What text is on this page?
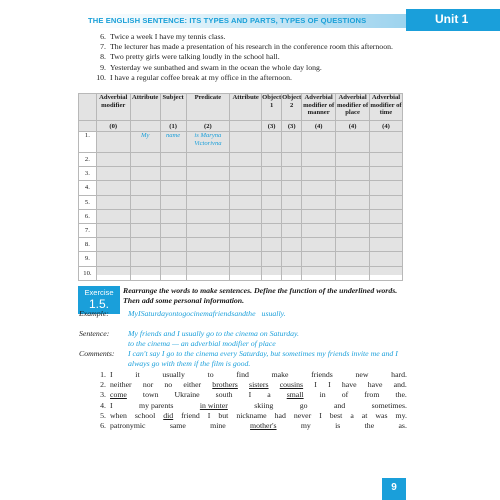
THE ENGLISH SENTENCE: ITS TYPES AND PARTS, TYPES OF QUESTIONS	Unit 1
6. Twice a week I have my tennis class.
7. The lecturer has made a presentation of his research in the conference room this afternoon.
8. Two pretty girls were talking loudly in the school hall.
9. Yesterday we sunbathed and swam in the ocean the whole day long.
10. I have a regular coffee break at my office in the afternoon.
	Adverbial modifier	Attribute	Subject	Predicate	Attribute	Object 1	Object 2	Adverbial modifier of manner	Adverbial modifier of place	Adverbial modifier of time
	(0)		(1)	(2)		(3)	(3)	(4)	(4)	(4)
1.		My	name	is Maryna Victorivna						
2.										
3.										
4.										
5.										
6.										
7.										
8.										
9.										
10.										
Exercise
1.5.
Rearrange the words to make sentences. Define the function of the underlined words. Then add some personal information.
Example: My I Saturday on to go cinema friends and the usually.
Sentence: My friends and I usually go to the cinema on Saturday.
to the cinema — an adverbial modifier of place
Comments: I can't say I go to the cinema every Saturday, but sometimes my friends invite me and I always go with them if the film is good.
1. I	it	usually	to	find	make	friends	new	hard.
2. neither nor no either brothers sisters cousins I I have have and.
3. come town Ukraine south I a small in of from the.
4. I	my parents	in winter	skiing	go	and	sometimes.
5. when school did friend I but nickname had never I best a at was my.
6. patronymic	same	mine	mother's	my	is	the	as.
9
